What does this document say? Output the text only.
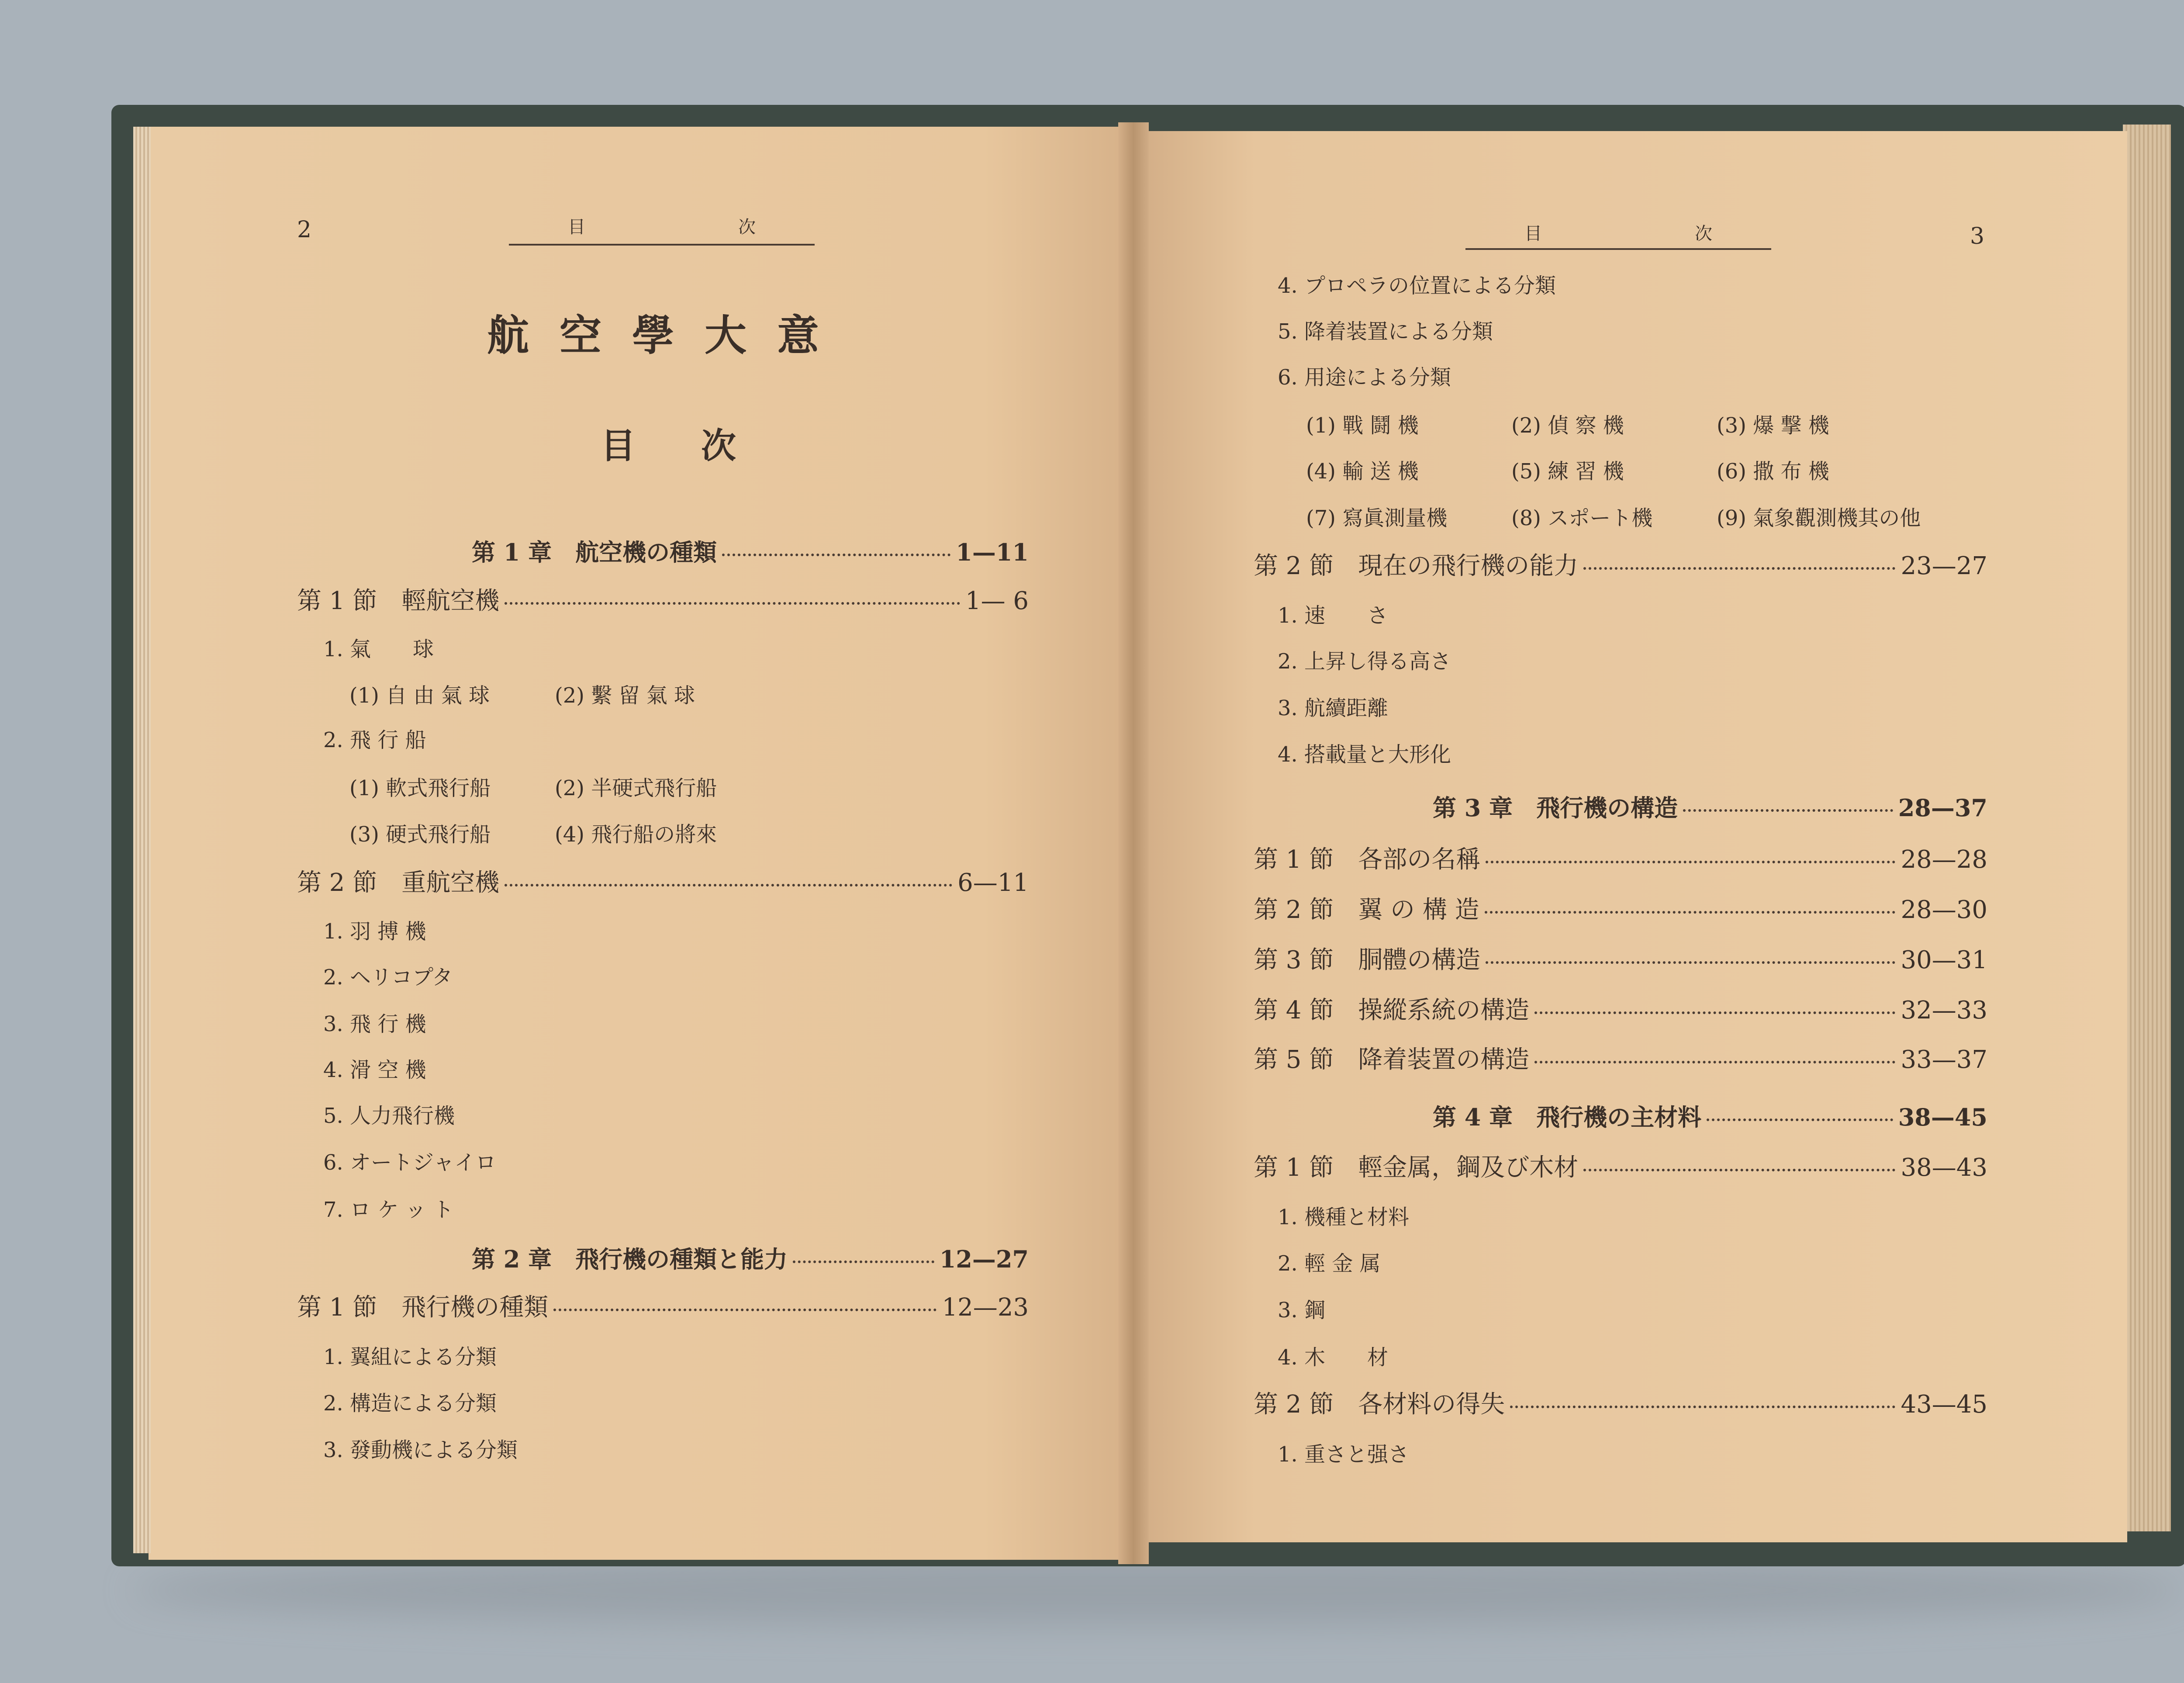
2	目	次
航空學大意
目次
第 1 章　航空機の種類	1—11
第 1 節　輕航空機	1— 6
1. 氣　　球
(1) 自 由 氣 球	(2) 繫 留 氣 球
2. 飛 行 船
(1) 軟式飛行船	(2) 半硬式飛行船
(3) 硬式飛行船	(4) 飛行船の將來
第 2 節　重航空機	6—11
1. 羽 搏 機
2. ヘリコプタ
3. 飛 行 機
4. 滑 空 機
5. 人力飛行機
6. オートジャイロ
7. ロ ケ ッ ト
第 2 章　飛行機の種類と能力	12—27
第 1 節　飛行機の種類	12—23
1. 翼組による分類
2. 構造による分類
3. 發動機による分類
目	次	3
4. プロペラの位置による分類
5. 降着装置による分類
6. 用途による分類
(1) 戰 鬪 機	(2) 偵 察 機	(3) 爆 撃 機
(4) 輸 送 機	(5) 練 習 機	(6) 撒 布 機
(7) 寫眞測量機	(8) スポート機	(9) 氣象觀測機其の他
第 2 節　現在の飛行機の能力	23—27
1. 速　　さ
2. 上昇し得る高さ
3. 航續距離
4. 搭載量と大形化
第 3 章　飛行機の構造	28—37
第 1 節　各部の名稱	28—28
第 2 節　翼 の 構 造	28—30
第 3 節　胴體の構造	30—31
第 4 節　操縱系統の構造	32—33
第 5 節　降着装置の構造	33—37
第 4 章　飛行機の主材料	38—45
第 1 節　輕金属，鋼及び木材	38—43
1. 機種と材料
2. 輕 金 属
3. 鋼
4. 木　　材
第 2 節　各材料の得失	43—45
1. 重さと强さ
